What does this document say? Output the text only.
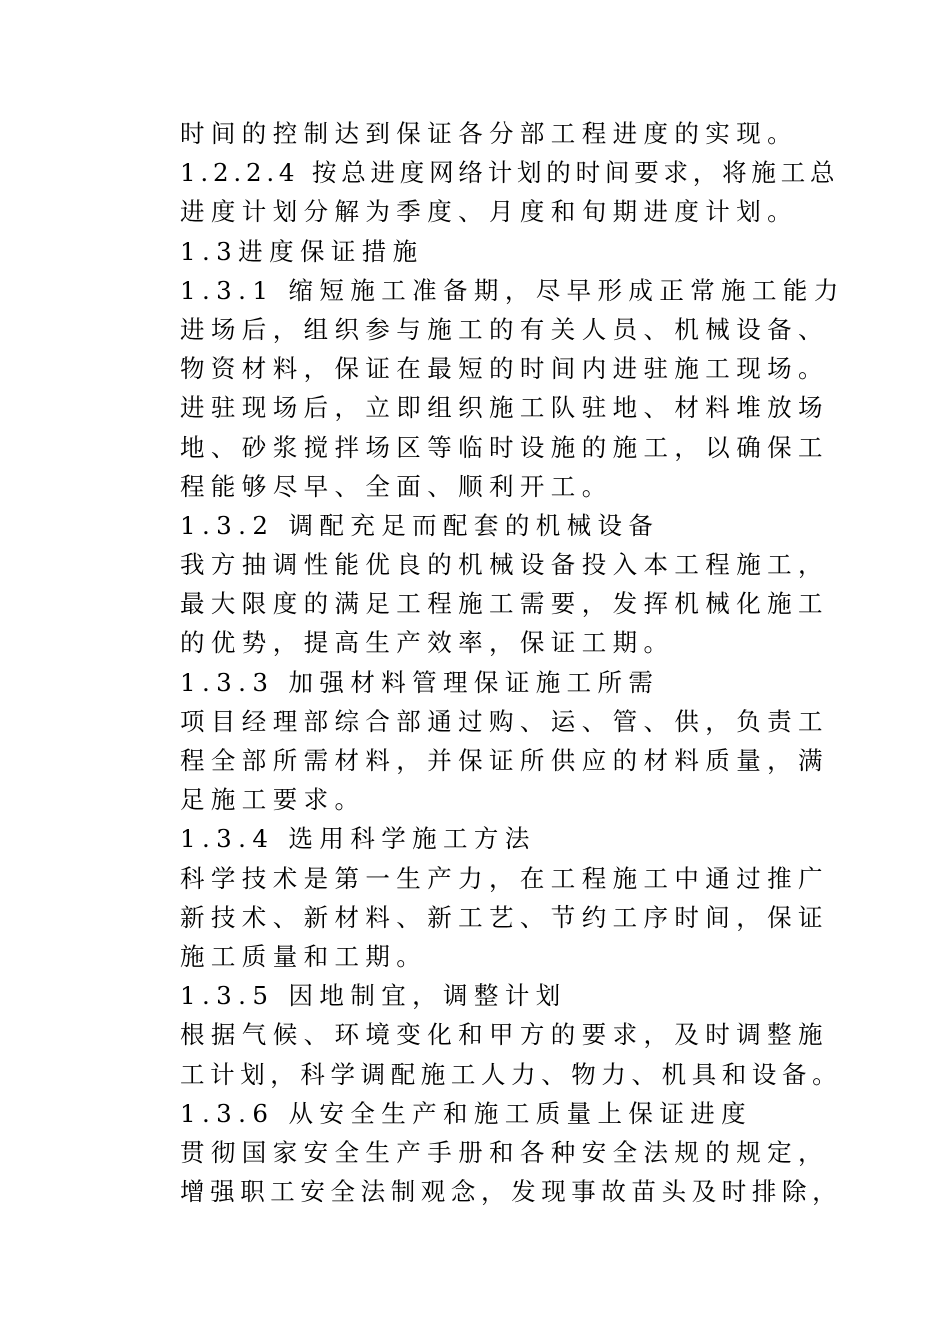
时间的控制达到保证各分部工程进度的实现。

1.2.2.4 按总进度网络计划的时间要求，将施工总

进度计划分解为季度、月度和旬期进度计划。

1.3进度保证措施

1.3.1 缩短施工准备期，尽早形成正常施工能力

进场后，组织参与施工的有关人员、机械设备、

物资材料，保证在最短的时间内进驻施工现场。

进驻现场后，立即组织施工队驻地、材料堆放场

地、砂浆搅拌场区等临时设施的施工，以确保工

程能够尽早、全面、顺利开工。

1.3.2 调配充足而配套的机械设备

我方抽调性能优良的机械设备投入本工程施工，

最大限度的满足工程施工需要，发挥机械化施工

的优势，提高生产效率，保证工期。

1.3.3 加强材料管理保证施工所需

项目经理部综合部通过购、运、管、供，负责工

程全部所需材料，并保证所供应的材料质量，满

足施工要求。

1.3.4 选用科学施工方法

科学技术是第一生产力，在工程施工中通过推广

新技术、新材料、新工艺、节约工序时间，保证

施工质量和工期。

1.3.5 因地制宜，调整计划

根据气候、环境变化和甲方的要求，及时调整施

工计划，科学调配施工人力、物力、机具和设备。

1.3.6 从安全生产和施工质量上保证进度

贯彻国家安全生产手册和各种安全法规的规定，

增强职工安全法制观念，发现事故苗头及时排除，
